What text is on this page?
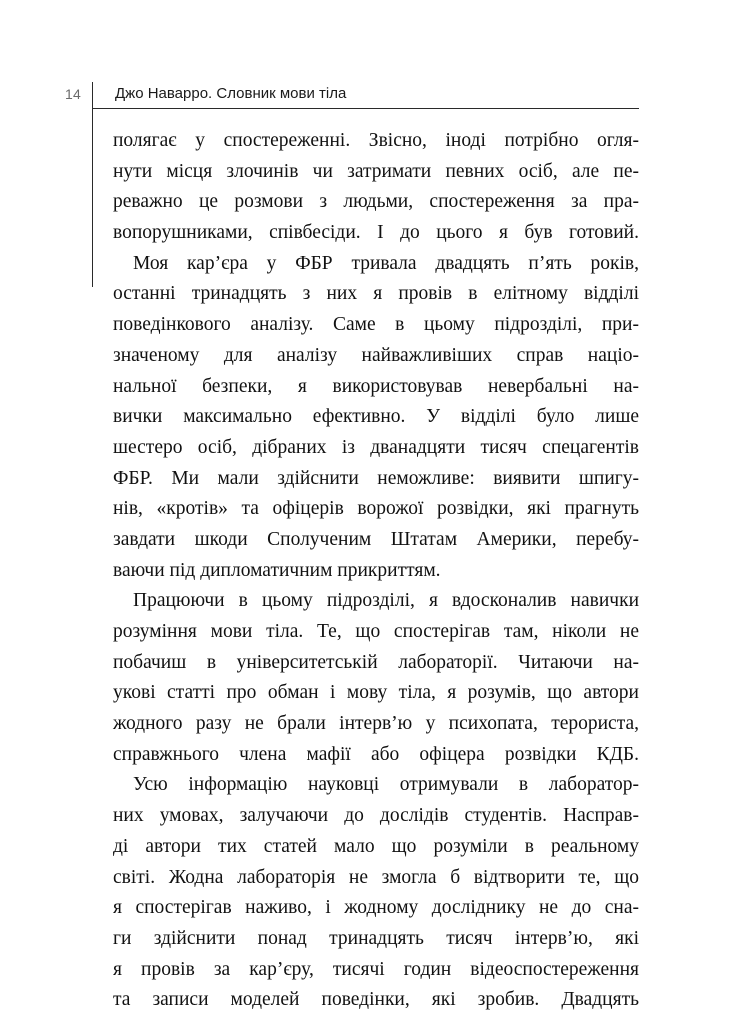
14 Джо Наварро. Словник мови тіла
полягає у спостереженні. Звісно, іноді потрібно огля-
нути місця злочинів чи затримати певних осіб, але пе-
реважно це розмови з людьми, спостереження за пра-
вопорушниками, співбесіди. І до цього я був готовий.
Моя кар’єра у ФБР тривала двадцять п’ять років,
останні тринадцять з них я провів в елітному відділі
поведінкового аналізу. Саме в цьому підрозділі, при-
значеному для аналізу найважливіших справ націо-
нальної безпеки, я використовував невербальні на-
вички максимально ефективно. У відділі було лише
шестеро осіб, дібраних із дванадцяти тисяч спецагентів
ФБР. Ми мали здійснити неможливе: виявити шпигу-
нів, «кротів» та офіцерів ворожої розвідки, які прагнуть
завдати шкоди Сполученим Штатам Америки, перебу-
ваючи під дипломатичним прикриттям.
Працюючи в цьому підрозділі, я вдосконалив навички
розуміння мови тіла. Те, що спостерігав там, ніколи не
побачиш в університетській лабораторії. Читаючи на-
укові статті про обман і мову тіла, я розумів, що автори
жодного разу не брали інтерв’ю у психопата, терориста,
справжнього члена мафії або офіцера розвідки КДБ.
Усю інформацію науковці отримували в лаборатор-
них умовах, залучаючи до дослідів студентів. Насправ-
ді автори тих статей мало що розуміли в реальному
світі. Жодна лабораторія не змогла б відтворити те, що
я спостерігав наживо, і жодному досліднику не до сна-
ги здійснити понад тринадцять тисяч інтерв’ю, які
я провів за кар’єру, тисячі годин відеоспостереження
та записи моделей поведінки, які зробив. Двадцять
